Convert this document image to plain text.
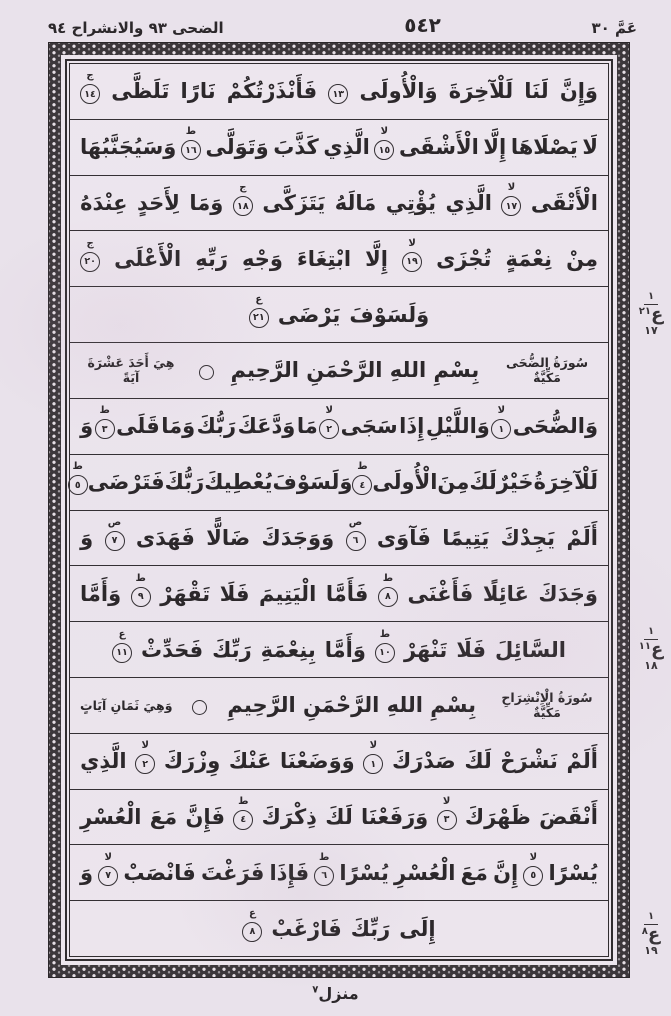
الضحى ٩٣ والانشراح ٩٤	٥٤٢	عَمَّ ٣٠
وَإِنَّ
لَنَا
لَلْآخِرَةَ
وَالْأُولَى
١٣
فَأَنْذَرْتُكُمْ
نَارًا
تَلَظَّى
١٤
ج
لَا
يَصْلَاهَا
إِلَّا
الْأَشْقَى
١٥
لا
الَّذِي
كَذَّبَ
وَتَوَلَّى
١٦
ط
وَسَيُجَنَّبُهَا
الْأَتْقَى
١٧
لا
الَّذِي
يُؤْتِي
مَالَهُ
يَتَزَكَّى
١٨
ج
وَمَا
لِأَحَدٍ
عِنْدَهُ
مِنْ
نِعْمَةٍ
تُجْزَى
١٩
لا
إِلَّا
ابْتِغَاءَ
وَجْهِ
رَبِّهِ
الْأَعْلَى
٢٠
ج
وَلَسَوْفَ
يَرْضَى
٢١
ع
سُورَةُ الضُّحَى مَكِّيَّةٌ
بِسْمِ اللهِ الرَّحْمَنِ الرَّحِيمِ
هِيَ أَحَدَ عَشْرَةَ آيَةً
وَالضُّحَى
١
لا
وَاللَّيْلِ
إِذَا
سَجَى
٢
لا
مَا
وَدَّعَكَ
رَبُّكَ
وَمَا
قَلَى
٣
ط
وَ
لَلْآخِرَةُ
خَيْرٌ
لَكَ
مِنَ
الْأُولَى
٤
ط
وَلَسَوْفَ
يُعْطِيكَ
رَبُّكَ
فَتَرْضَى
٥
ط
أَلَمْ
يَجِدْكَ
يَتِيمًا
فَآوَى
٦
ص
وَوَجَدَكَ
ضَالًّا
فَهَدَى
٧
ص
وَ
وَجَدَكَ
عَائِلًا
فَأَغْنَى
٨
ط
فَأَمَّا
الْيَتِيمَ
فَلَا
تَقْهَرْ
٩
ط
وَأَمَّا
السَّائِلَ
فَلَا
تَنْهَرْ
١٠
ط
وَأَمَّا
بِنِعْمَةِ
رَبِّكَ
فَحَدِّثْ
١١
ع
سُورَةُ الْاِنْشِرَاحِ مَكِّيَّةٌ
بِسْمِ اللهِ الرَّحْمَنِ الرَّحِيمِ
وَهِيَ ثَمَانِ آيَاتٍ
أَلَمْ
نَشْرَحْ
لَكَ
صَدْرَكَ
١
لا
وَوَضَعْنَا
عَنْكَ
وِزْرَكَ
٢
لا
الَّذِي
أَنْقَضَ
ظَهْرَكَ
٣
لا
وَرَفَعْنَا
لَكَ
ذِكْرَكَ
٤
ط
فَإِنَّ
مَعَ
الْعُسْرِ
يُسْرًا
٥
لا
إِنَّ
مَعَ
الْعُسْرِ
يُسْرًا
٦
ط
فَإِذَا
فَرَغْتَ
فَانْصَبْ
٧
لا
وَ
إِلَى
رَبِّكَ
فَارْغَبْ
٨
ع
١
٢١ ع
١٧
١
١١ ع
١٨
١
٨ ع
١٩
منزل$^٧$
